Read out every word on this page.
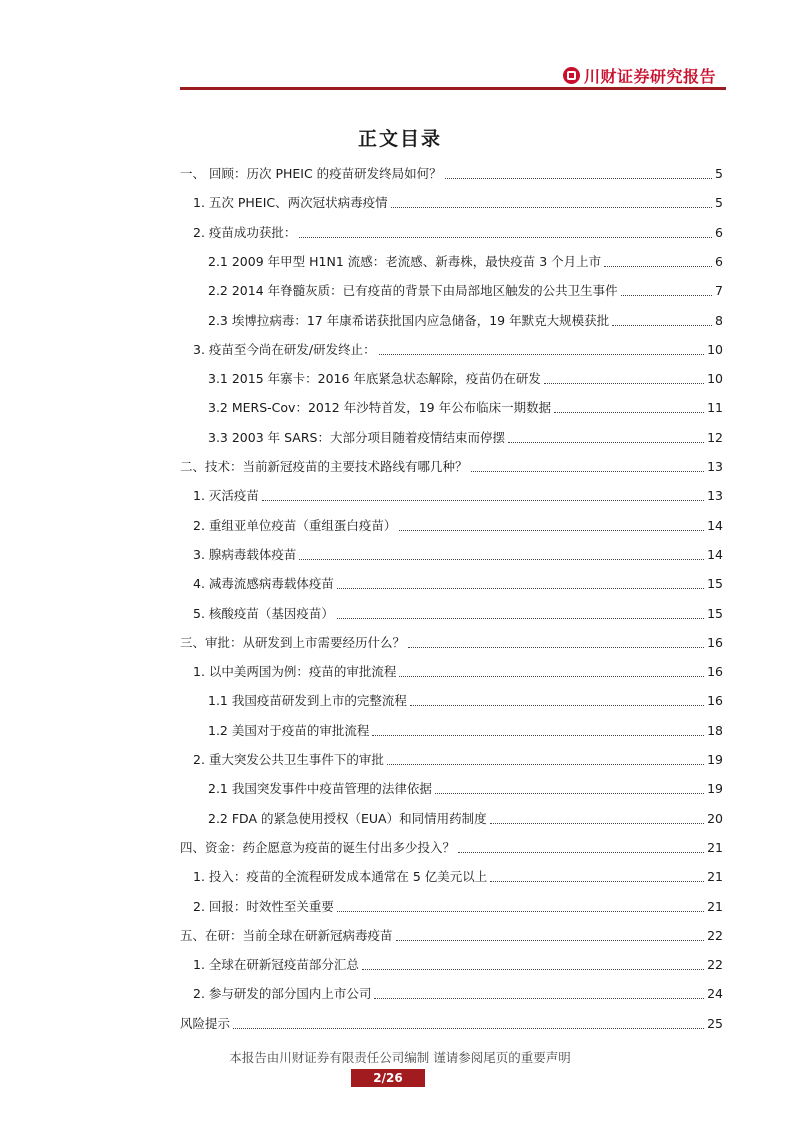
川财证券研究报告
正文目录
一、 回顾：历次 PHEIC 的疫苗研发终局如何？	5
1. 五次 PHEIC、两次冠状病毒疫情	5
2. 疫苗成功获批：	6
2.1 2009 年甲型 H1N1 流感：老流感、新毒株，最快疫苗 3 个月上市	6
2.2 2014 年脊髓灰质：已有疫苗的背景下由局部地区触发的公共卫生事件	7
2.3 埃博拉病毒：17 年康希诺获批国内应急储备，19 年默克大规模获批	8
3. 疫苗至今尚在研发/研发终止：	10
3.1 2015 年寨卡：2016 年底紧急状态解除，疫苗仍在研发	10
3.2 MERS-Cov：2012 年沙特首发，19 年公布临床一期数据	11
3.3 2003 年 SARS：大部分项目随着疫情结束而停摆	12
二、技术：当前新冠疫苗的主要技术路线有哪几种？	13
1. 灭活疫苗	13
2. 重组亚单位疫苗（重组蛋白疫苗）	14
3. 腺病毒载体疫苗	14
4. 减毒流感病毒载体疫苗	15
5. 核酸疫苗（基因疫苗）	15
三、审批：从研发到上市需要经历什么？	16
1. 以中美两国为例：疫苗的审批流程	16
1.1 我国疫苗研发到上市的完整流程	16
1.2 美国对于疫苗的审批流程	18
2. 重大突发公共卫生事件下的审批	19
2.1 我国突发事件中疫苗管理的法律依据	19
2.2 FDA 的紧急使用授权（EUA）和同情用药制度	20
四、资金：药企愿意为疫苗的诞生付出多少投入？	21
1. 投入：疫苗的全流程研发成本通常在 5 亿美元以上	21
2. 回报：时效性至关重要	21
五、在研：当前全球在研新冠病毒疫苗	22
1. 全球在研新冠疫苗部分汇总	22
2. 参与研发的部分国内上市公司	24
风险提示	25
本报告由川财证券有限责任公司编制 谨请参阅尾页的重要声明
2/26
